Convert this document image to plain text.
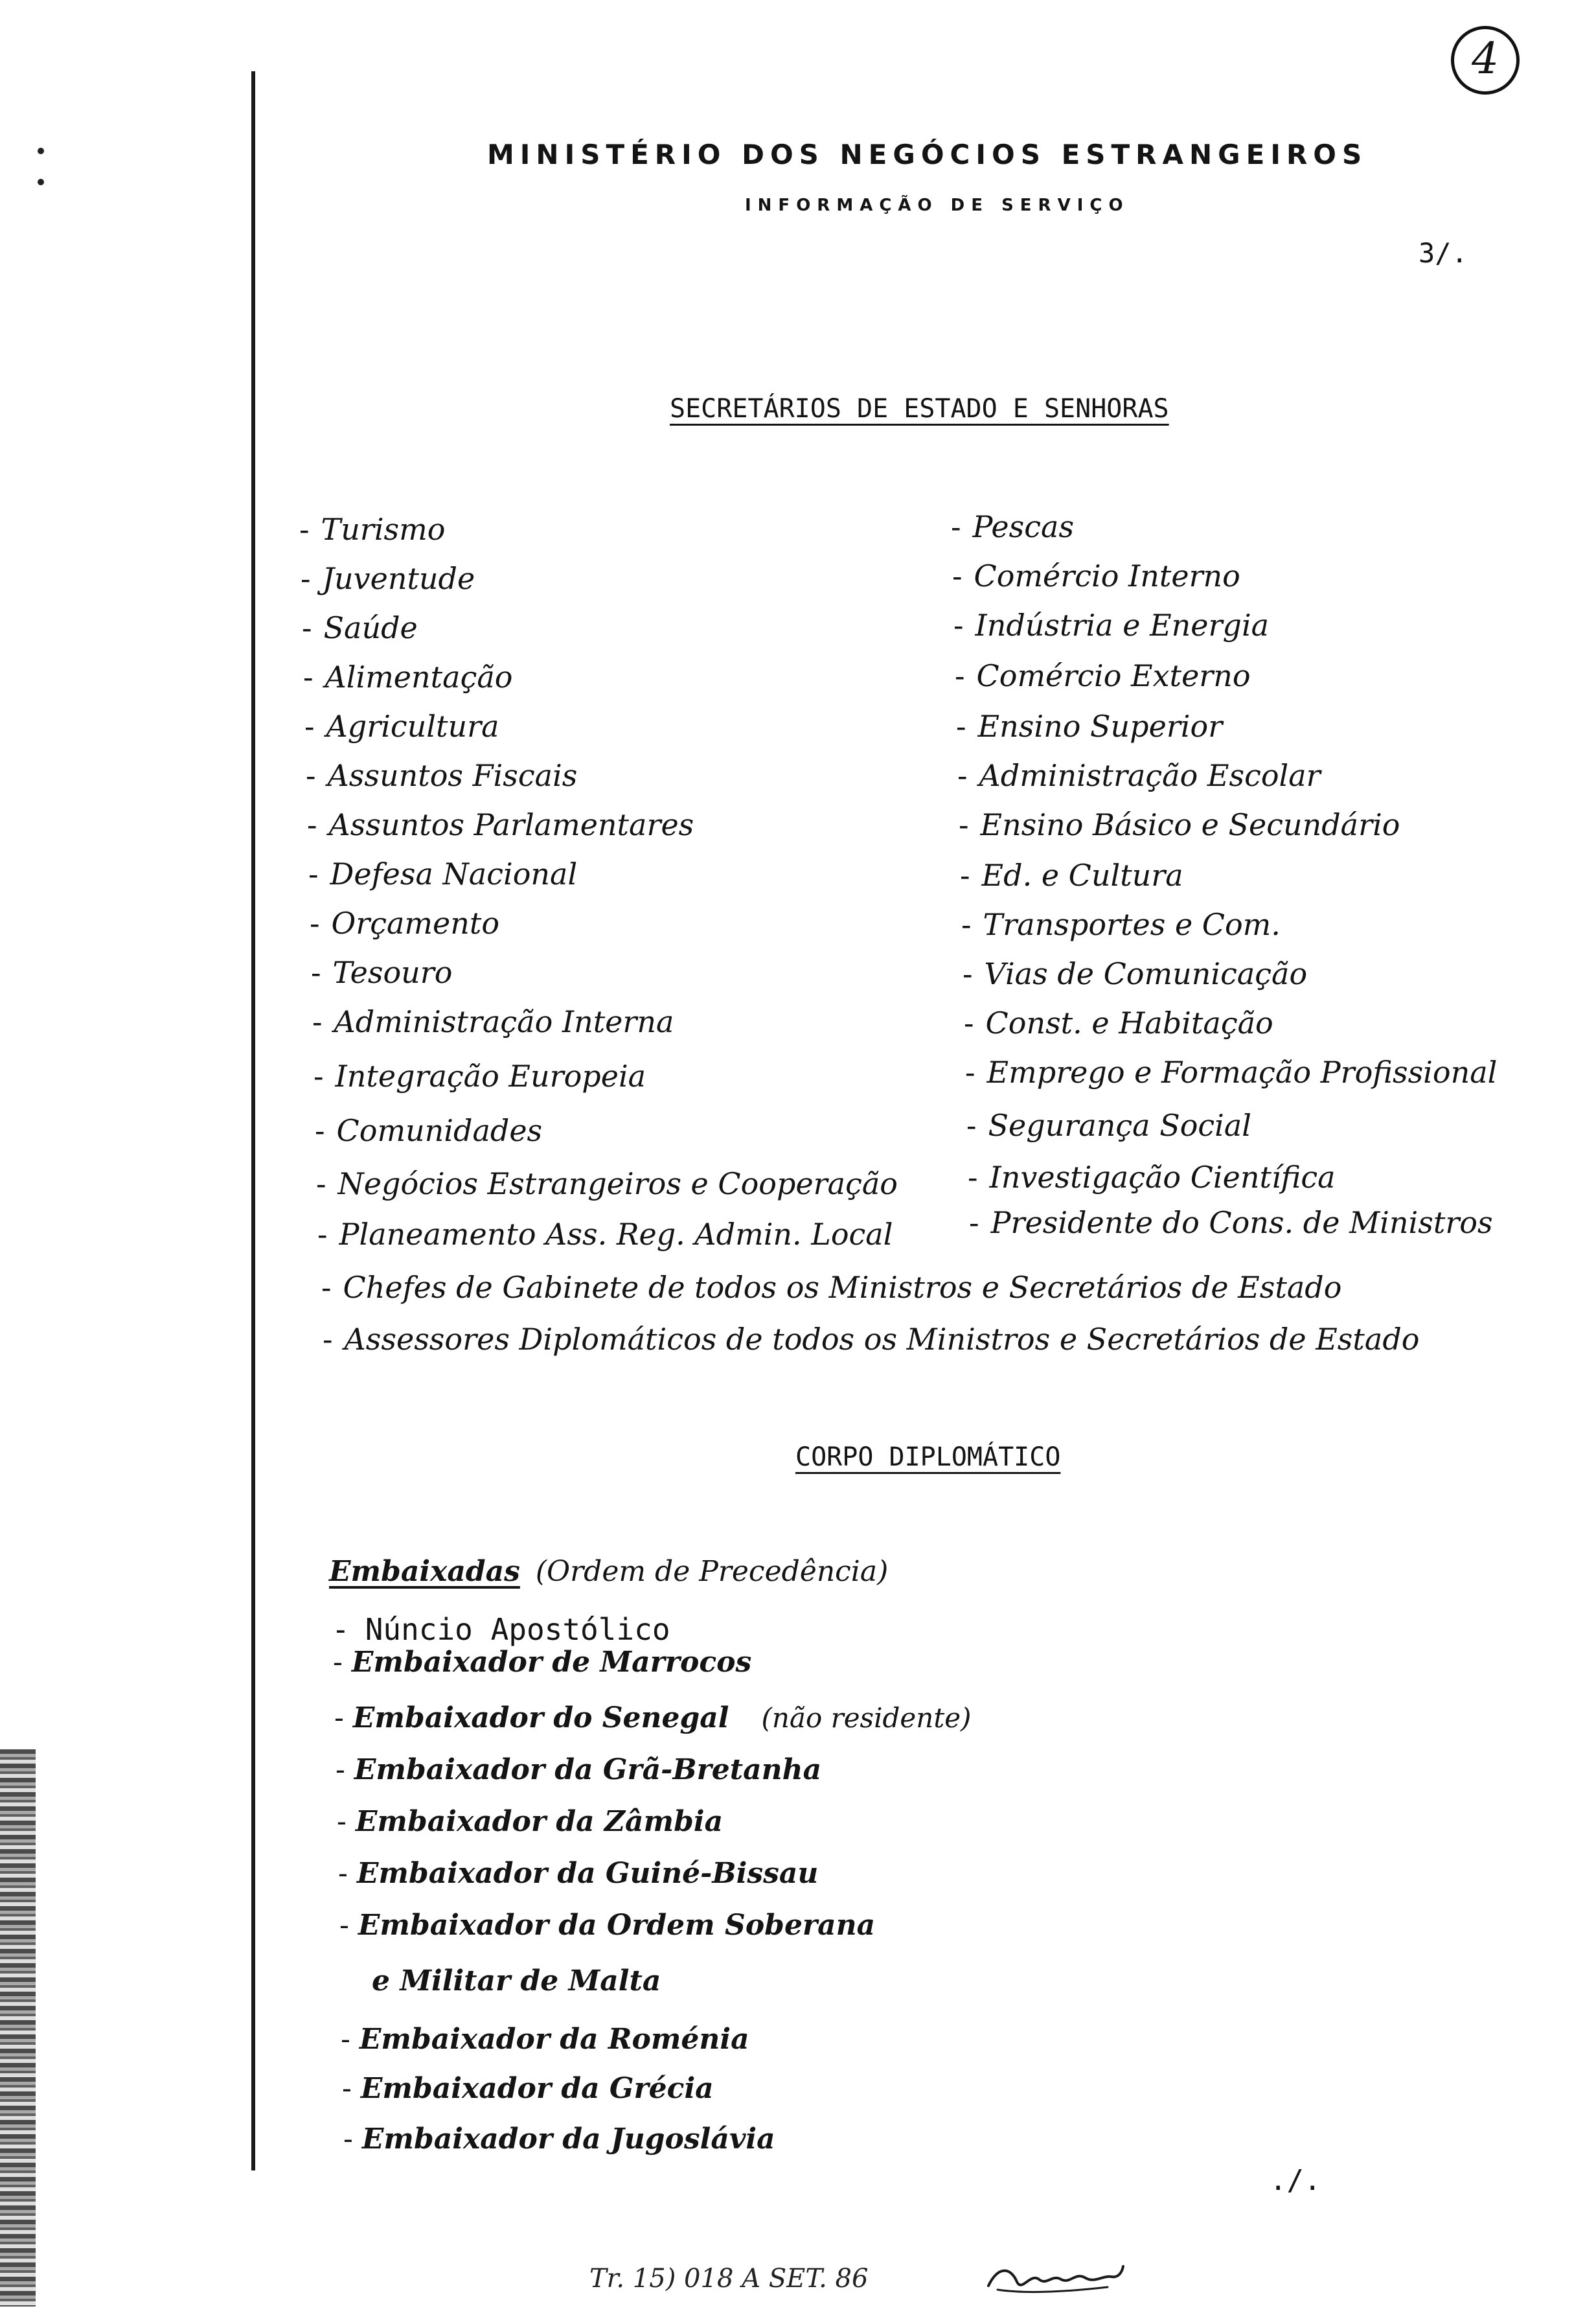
4
MINISTÉRIO DOS NEGÓCIOS ESTRANGEIROS
INFORMAÇÃO DE SERVIÇO
3/.
SECRETÁRIOS DE ESTADO E SENHORAS
- Turismo
- Juventude
- Saúde
- Alimentação
- Agricultura
- Assuntos Fiscais
- Assuntos Parlamentares
- Defesa Nacional
- Orçamento
- Tesouro
- Administração Interna
- Integração Europeia
- Comunidades
- Negócios Estrangeiros e Cooperação
- Planeamento Ass. Reg. Admin. Local
- Pescas
- Comércio Interno
- Indústria e Energia
- Comércio Externo
- Ensino Superior
- Administração Escolar
- Ensino Básico e Secundário
- Ed. e Cultura
- Transportes e Com.
- Vias de Comunicação
- Const. e Habitação
- Emprego e Formação Profissional
- Segurança Social
- Investigação Científica
- Presidente do Cons. de Ministros
- Chefes de Gabinete de todos os Ministros e Secretários de Estado
- Assessores Diplomáticos de todos os Ministros e Secretários de Estado
CORPO DIPLOMÁTICO
Embaixadas (Ordem de Precedência)
- Núncio Apostólico
- Embaixador de Marrocos
- Embaixador do Senegal (não residente)
- Embaixador da Grã-Bretanha
- Embaixador da Zâmbia
- Embaixador da Guiné-Bissau
- Embaixador da Ordem Soberana
e Militar de Malta
- Embaixador da Roménia
- Embaixador da Grécia
- Embaixador da Jugoslávia
./.
Tr. 15) 018 A SET. 86
